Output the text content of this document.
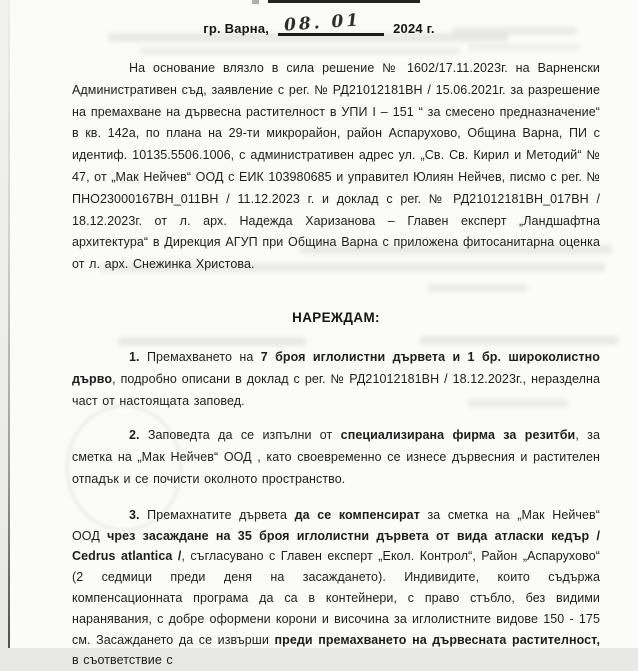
гр. Варна, 08. 01 2024 г.

На основание влязло в сила решение № 1602/17.11.2023г. на Варненски Административен съд, заявление с рег. № РД21012181ВН / 15.06.2021г. за разрешение на премахване на дървесна растителност в УПИ I – 151 “ за смесено предназначение“ в кв. 142а, по плана на 29-ти микрорайон, район Аспарухово, Община Варна, ПИ с идентиф. 10135.5506.1006, с административен адрес ул. „Св. Св. Кирил и Методий“ № 47, от „Мак Нейчев“ ООД с ЕИК 103980685 и управител Юлиян Нейчев, писмо с рег. № ПНО23000167ВН_011ВН / 11.12.2023 г. и доклад с рег. № РД21012181ВН_017ВН / 18.12.2023г. от л. арх. Надежда Харизанова – Главен експерт „Ландшафтна архитектура“ в Дирекция АГУП при Община Варна с приложена фитосанитарна оценка от л. арх. Снежинка Христова.

НАРЕЖДАМ:

1. Премахването на 7 броя иглолистни дървета и 1 бр. широколистно дърво, подробно описани в доклад с рег. № РД21012181ВН / 18.12.2023г., неразделна част от настоящата заповед.

2. Заповедта да се изпълни от специализирана фирма за резитби, за сметка на „Мак Нейчев“ ООД , като своевременно се изнесе дървесния и растителен отпадък и се почисти околното пространство.

3. Премахнатите дървета да се компенсират за сметка на „Мак Нейчев“ ООД чрез засаждане на 35 броя иглолистни дървета от вида атласки кедър / Cedrus atlantica /, съгласувано с Главен експерт „Екол. Контрол“, Район „Аспарухово“ (2 седмици преди деня на засаждането). Индивидите, които съдържа компенсационната програма да са в контейнери, с право стъбло, без видими наранявания, с добре оформени корони и височина за иглолистните видове 150 - 175 см. Засаждането да се извърши преди премахването на дървесната растителност, в съответствие с
